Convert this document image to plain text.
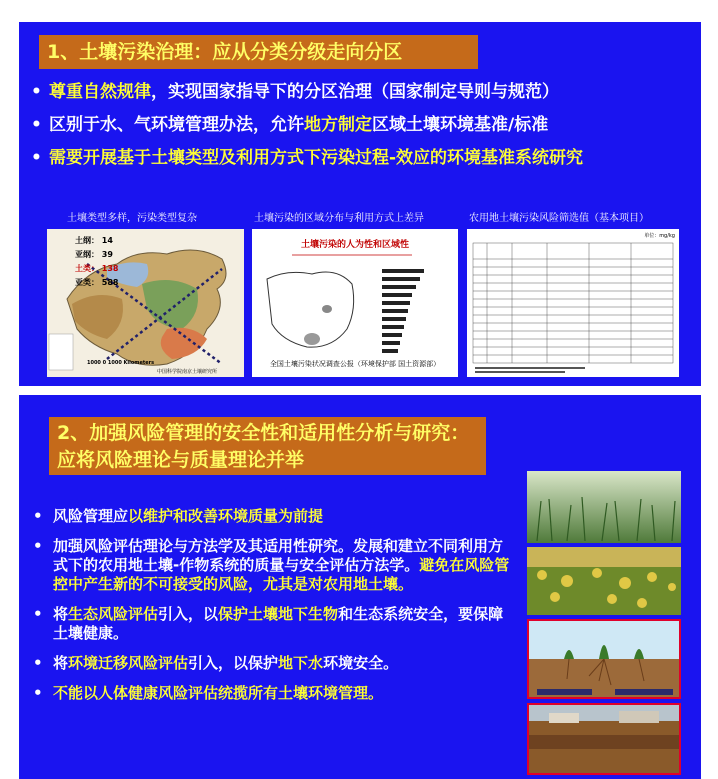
1、土壤污染治理：应从分类分级走向分区
• 尊重自然规律，实现国家指导下的分区治理（国家制定导则与规范）
• 区别于水、气环境管理办法，允许地方制定区域土壤环境基准/标准
• 需要开展基于土壤类型及利用方式下污染过程-效应的环境基准系统研究
土壤类型多样，污染类型复杂	土壤污染的区域分布与利用方式上差异	农用地土壤污染风险筛选值（基本项目）
土纲： 14
亚纲： 39
土类： 138
亚类： 588
1000 0 1000 Kilometers
中国科学院南京土壤研究所
土壤污染的人为性和区域性
全国土壤污染状况调查公报（环境保护部 国土资源部）
单位：mg/kg
2、加强风险管理的安全性和适用性分析与研究：应将风险理论与质量理论并举
• 风险管理应以维护和改善环境质量为前提
• 加强风险评估理论与方法学及其适用性研究。发展和建立不同利用方式下的农用地土壤-作物系统的质量与安全评估方法学。避免在风险管控中产生新的不可接受的风险，尤其是对农用地土壤。
• 将生态风险评估引入，以保护土壤地下生物和生态系统安全，要保障土壤健康。
• 将环境迁移风险评估引入，以保护地下水环境安全。
• 不能以人体健康风险评估统揽所有土壤环境管理。
